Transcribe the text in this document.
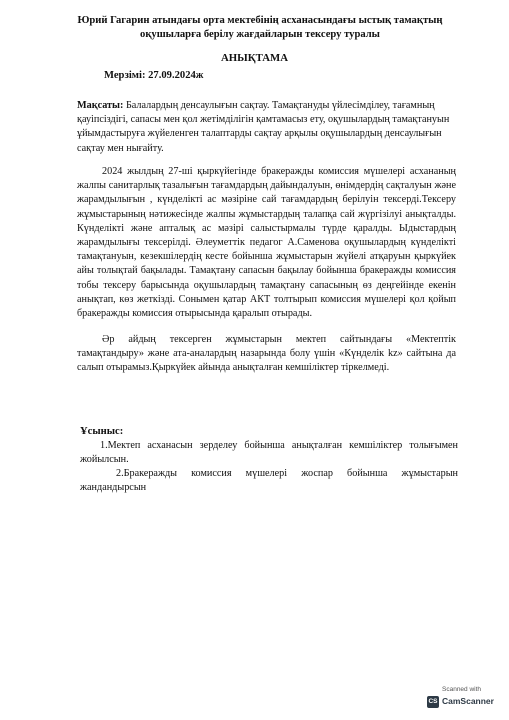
Юрий Гагарин атындағы орта мектебінің асханасындағы ыстық тамақтың оқушыларға берілу жағдайларын тексеру туралы
АНЫҚТАМА
Мерзімі: 27.09.2024ж
Мақсаты: Балалардың денсаулығын сақтау. Тамақтануды үйлесімділеу, тағамның қауіпсіздігі, сапасы мен қол жетімділігін қамтамасыз ету, оқушылардың тамақтануын ұйымдастыруға жүйеленген талаптарды сақтау арқылы оқушылардың денсаулығын сақтау мен нығайту.
2024 жылдың 27-ші қыркүйегінде бракеражды комиссия мүшелері асхананың жалпы санитарлық тазалығын тағамдардың дайындалуын, өнімдердің сақталуын және жарамдылығын , күнделікті ас мәзіріне сай тағамдардың берілуін тексерді.Тексеру жұмыстарының нәтижесінде жалпы жұмыстардың талапқа сай жүргізілуі анықталды. Күнделікті және апталық ас мәзірі салыстырмалы түрде қаралды. Ыдыстардың жарамдылығы тексерілді. Әлеуметтік педагог А.Саменова оқушылардың күнделікті тамақтануын, кезекшілердің кесте бойынша жұмыстарын жүйелі атқаруын қыркүйек айы толықтай бақылады. Тамақтану сапасын бақылау бойынша бракеражды комиссия тобы тексеру барысында оқушылардың тамақтану сапасының өз деңгейінде екенін анықтап, көз жеткізді. Сонымен қатар АКТ толтырып комиссия мүшелері қол қойып бракеражды комиссия отырысында қаралып отырады.
Әр айдың тексерген жұмыстарын мектеп сайтындағы «Мектептік тамақтандыру» және ата-аналардың назарында болу үшін «Күнделік kz» сайтына да салып отырамыз.Қыркүйек айында анықталған кемшіліктер тіркелмеді.
Ұсыныс:
1.Мектеп асханасын зерделеу бойынша анықталған кемшіліктер толығымен жойылсын.
2.Бракеражды комиссия мүшелері жоспар бойынша жұмыстарын жандандырсын
Scanned with
CS CamScanner
